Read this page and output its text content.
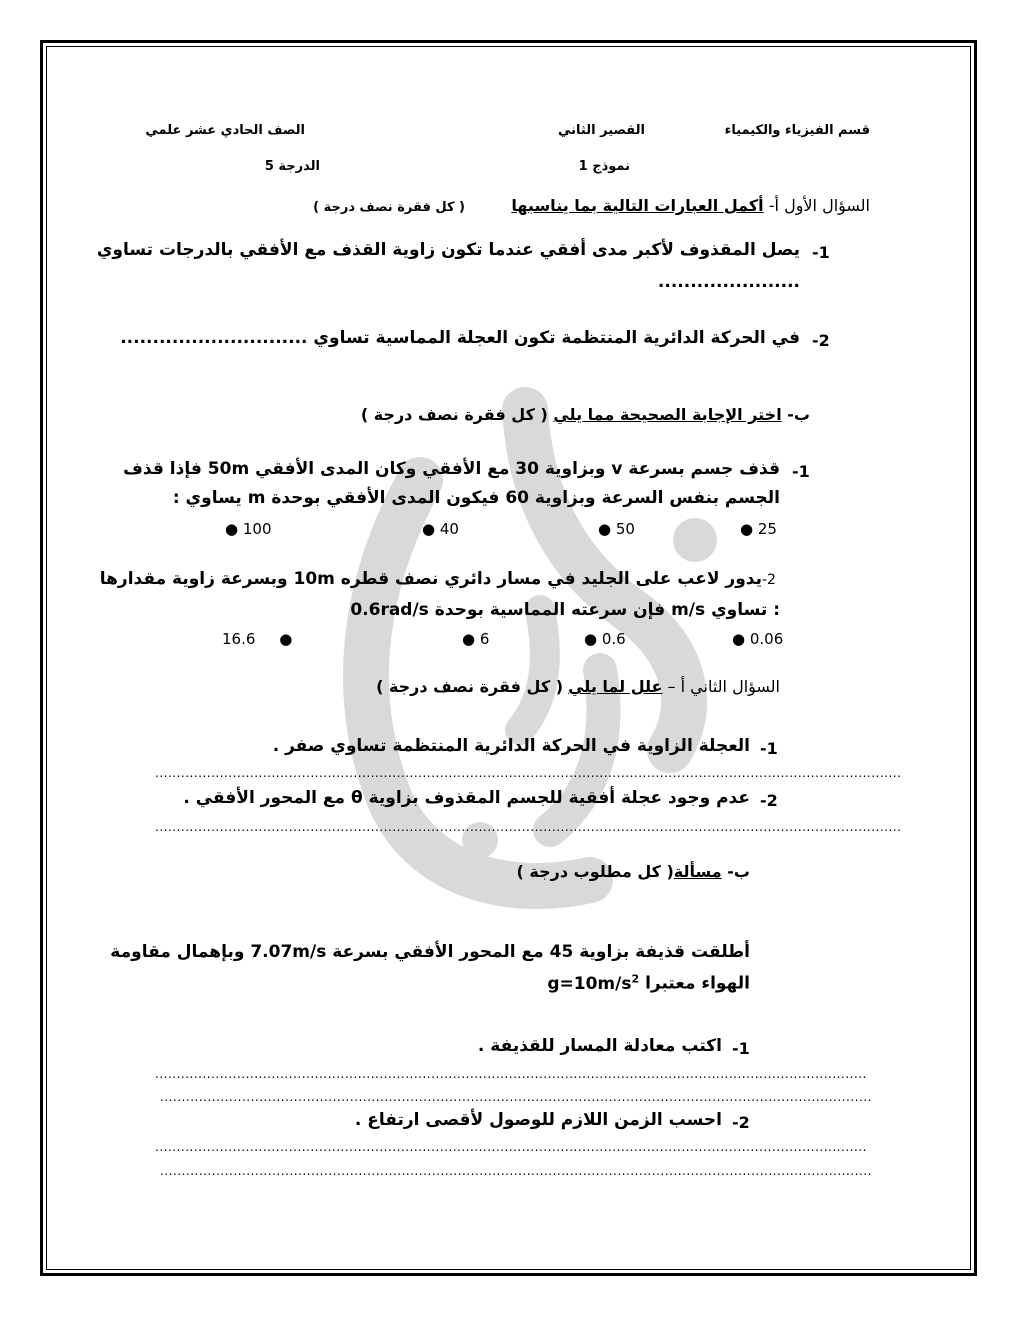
قسم الفيزياء والكيمياء
القصير الثاني
الصف الحادي عشر علمي
نموذج 1
الدرجة 5
السؤال الأول أ- أكمل العبارات التالية بما يناسبها
( كل فقرة نصف درجة )
-1
يصل المقذوف لأكبر مدى أفقي عندما تكون زاوية القذف مع الأفقي بالدرجات تساوي
......................
-2
في الحركة الدائرية المنتظمة تكون العجلة المماسية تساوي .............................
ب- اختر الإجابة الصحيحة مما يلي ( كل فقرة نصف درجة )
-1
قذف جسم بسرعة v وبزاوية 30 مع الأفقي وكان المدى الأفقي 50m فإذا قذف
الجسم بنفس السرعة وبزاوية 60 فيكون المدى الأفقي بوحدة m يساوي :
● 25
● 50
● 40
● 100
-2
يدور لاعب على الجليد في مسار دائري نصف قطره 10m وبسرعة زاوية مقدارها
0.6rad/s فإن سرعته المماسية بوحدة m/s تساوي :
● 0.06
● 0.6
● 6
16.6 ●
السؤال الثاني أ – علل لما يلي ( كل فقرة نصف درجة )
-1
العجلة الزاوية في الحركة الدائرية المنتظمة تساوي صفر .
.............................................................................................................................................................................
-2
عدم وجود عجلة أفقية للجسم المقذوف بزاوية θ مع المحور الأفقي .
.............................................................................................................................................................................
ب- مسألة( كل مطلوب درجة )
أطلقت قذيفة بزاوية 45 مع المحور الأفقي بسرعة 7.07m/s وبإهمال مقاومة
الهواء معتبرا $g=10m/s^2$
-1
اكتب معادلة المسار للقذيفة .
.....................................................................................................................................................................
.....................................................................................................................................................................
-2
احسب الزمن اللازم للوصول لأقصى ارتفاع .
.....................................................................................................................................................................
.....................................................................................................................................................................
